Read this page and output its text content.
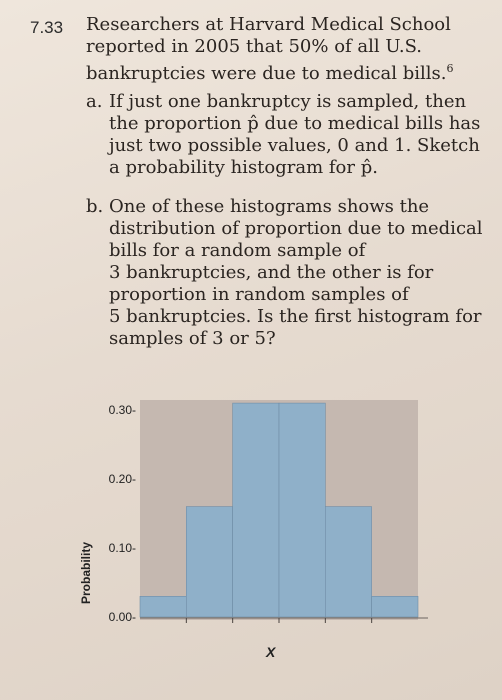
7.33 Researchers at Harvard Medical School reported in 2005 that 50% of all U.S. bankruptcies were due to medical bills.$^6$
a. If just one bankruptcy is sampled, then
the proportion p̂ due to medical bills has
just two possible values, 0 and 1. Sketch
a probability histogram for p̂.
b. One of these histograms shows the
distribution of proportion due to medical
bills for a random sample of
3 bankruptcies, and the other is for
proportion in random samples of
5 bankruptcies. Is the first histogram for
samples of 3 or 5?
0.30-
0.20-
0.10-
0.00-
Probability
X
